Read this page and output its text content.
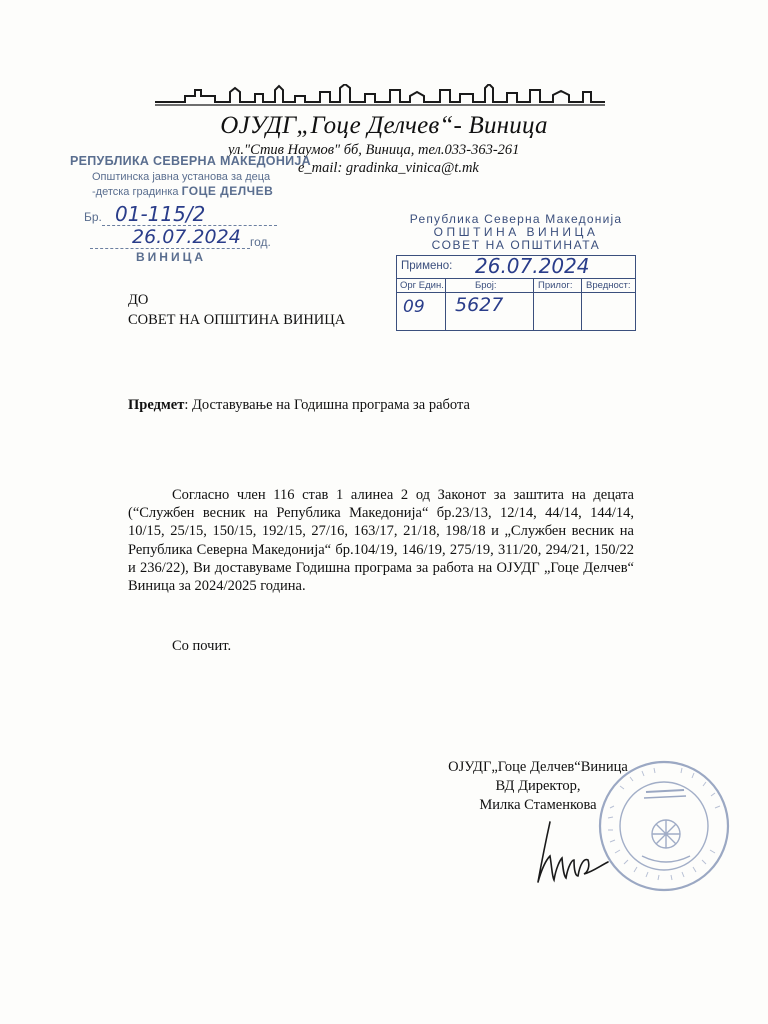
ОЈУДГ„Гоце Делчев“- Виница
ул."Стив Наумов" бб, Виница, тел.033-363-261
e_mail: gradinka_vinica@t.mk
РЕПУБЛИКА СЕВЕРНА МАКЕДОНИЈА
Општинска јавна установа за деца
-детска градинка ГОЦЕ ДЕЛЧЕВ
Бр. 01-115/2
26.07.2024 год.
ВИНИЦА
Република Северна Македонија
ОПШТИНА ВИНИЦА
СОВЕТ НА ОПШТИНАТА
Примено: 26.07.2024
Орг Един.	Број:	Прилог: Вредност:
09 5627
ДО
СОВЕТ НА ОПШТИНА ВИНИЦА
Предмет: Доставување на Годишна програма за работа
Согласно член 116 став 1 алинеа 2 од Законот за заштита на децата (“Службен весник на Република Македонија“ бр.23/13, 12/14, 44/14, 144/14, 10/15, 25/15, 150/15, 192/15, 27/16, 163/17, 21/18, 198/18 и „Службен весник на Република Северна Македонија“ бр.104/19, 146/19, 275/19, 311/20, 294/21, 150/22 и 236/22), Ви доставуваме Годишна програма за работа на ОЈУДГ „Гоце Делчев“ Виница за 2024/2025 година.
Со почит.
ОЈУДГ„Гоце Делчев“Виница
ВД Директор,
Милка Стаменкова
